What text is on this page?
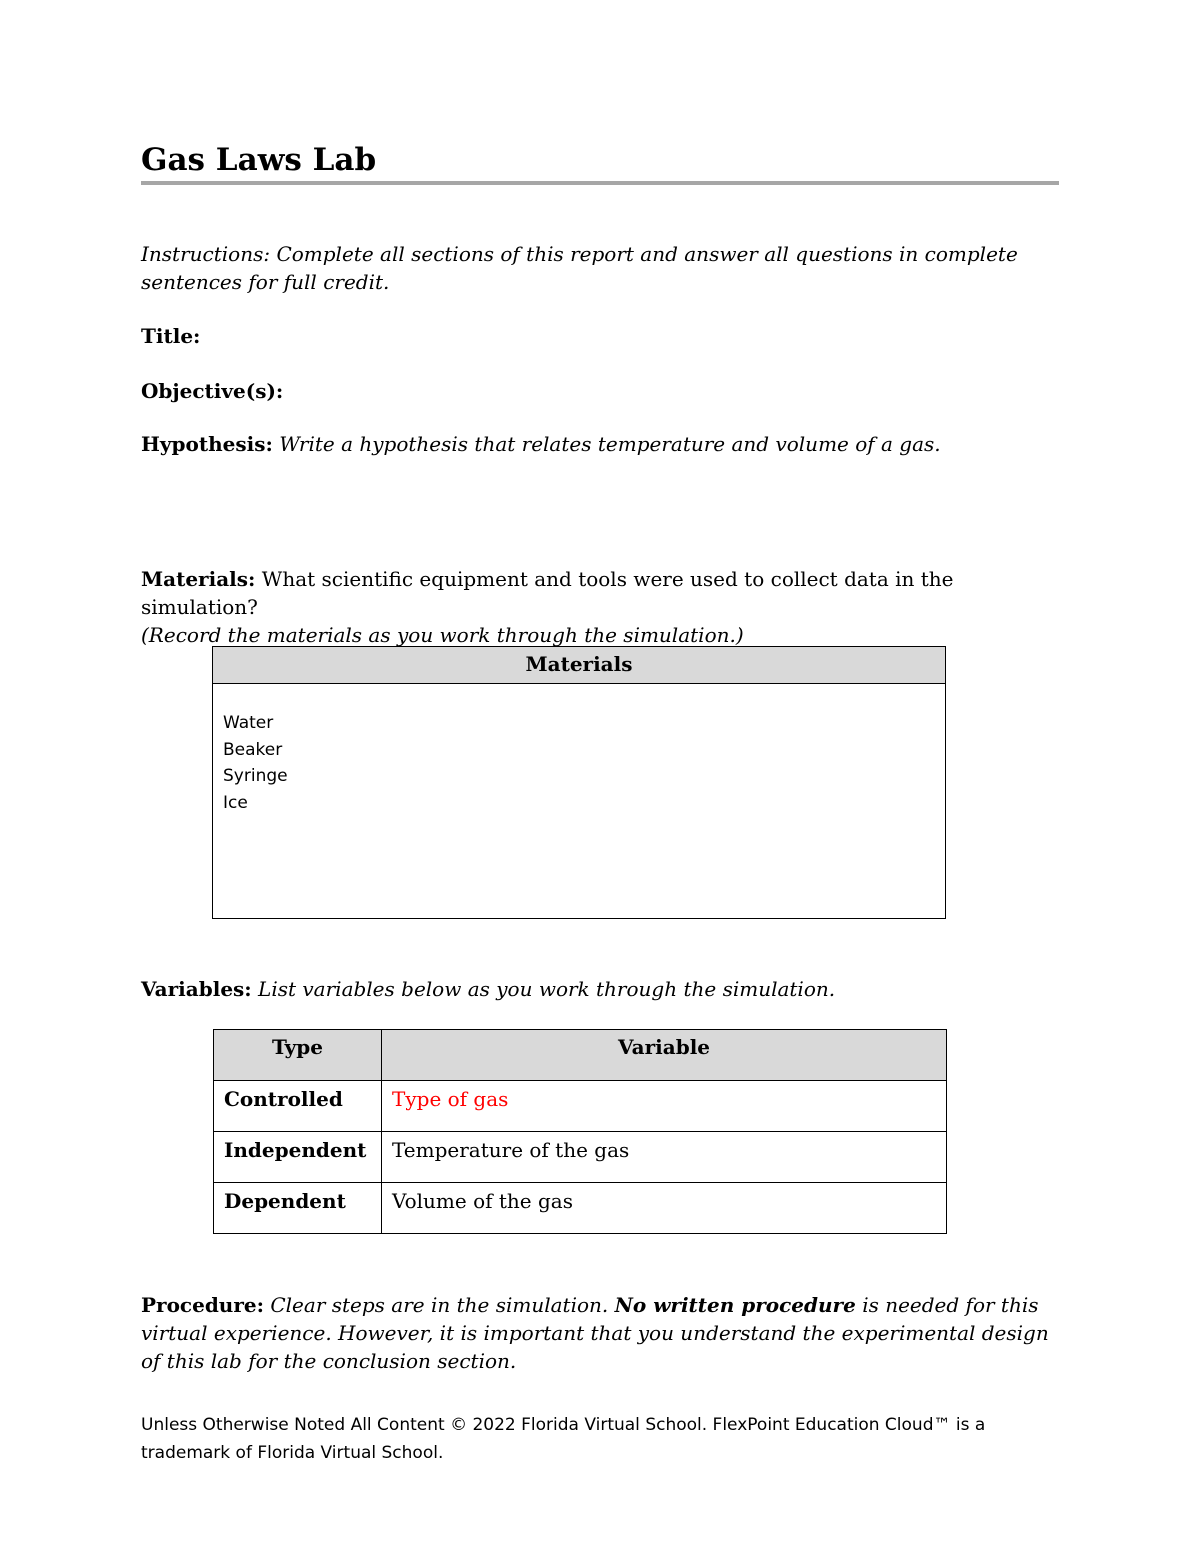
Gas Laws Lab

Instructions: Complete all sections of this report and answer all questions in complete sentences for full credit.

Title:

Objective(s):

Hypothesis: Write a hypothesis that relates temperature and volume of a gas.

Materials: What scientific equipment and tools were used to collect data in the simulation?
(Record the materials as you work through the simulation.)

Materials
Water
Beaker
Syringe
Ice

Variables: List variables below as you work through the simulation.

Type	Variable
Controlled	Type of gas
Independent	Temperature of the gas
Dependent	Volume of the gas

Procedure: Clear steps are in the simulation. No written procedure is needed for this virtual experience. However, it is important that you understand the experimental design of this lab for the conclusion section.

Unless Otherwise Noted All Content © 2022 Florida Virtual School. FlexPoint Education Cloud™ is a trademark of Florida Virtual School.
